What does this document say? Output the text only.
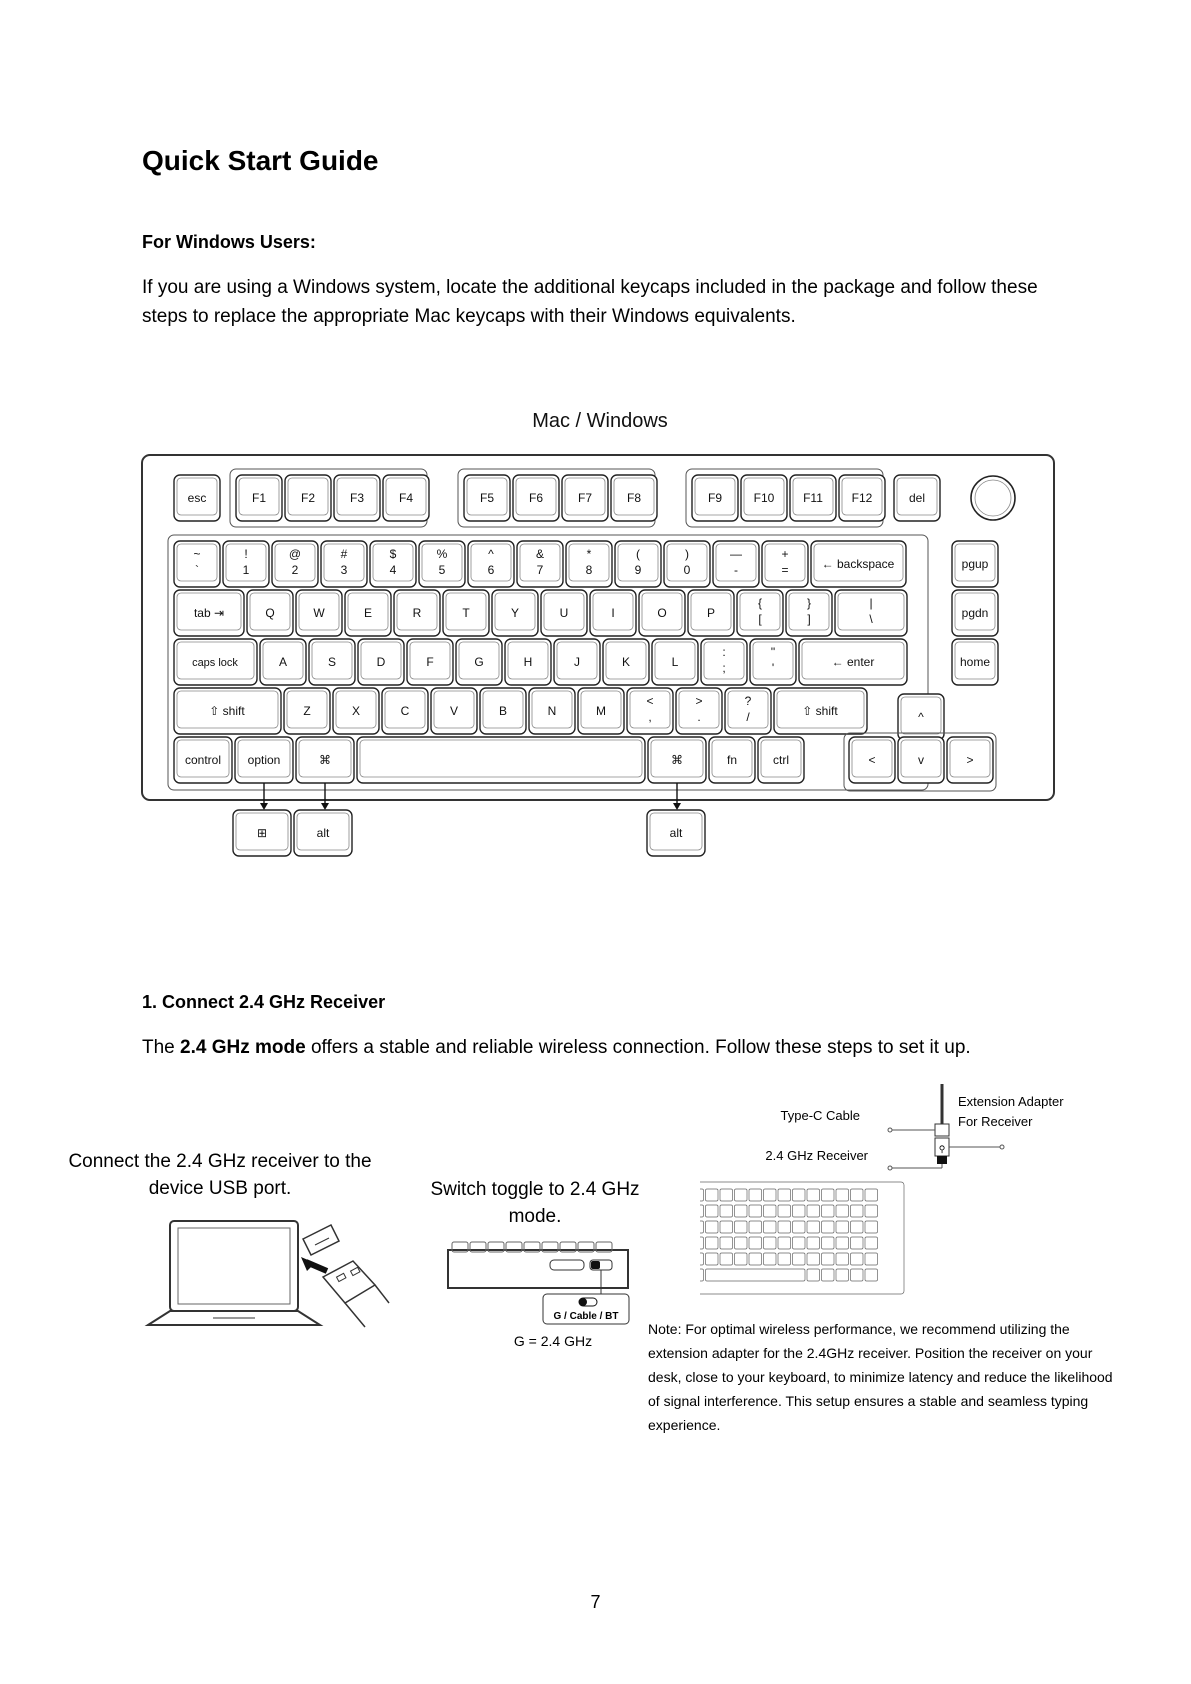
Quick Start Guide
For Windows Users:
If you are using a Windows system, locate the additional keycaps included in the package and follow these steps to replace the appropriate Mac keycaps with their Windows equivalents.
Mac / Windows
esc	F1	F2	F3	F4	F5	F6	F7	F8	F9	F10 F11 F12	del
~
`
!
1
@
2
#
3
$
4
%
5
^
6
&
7
*
8
(
9
)
0
—
-
+
=	← backspace	pgup
tab ⇥	Q	W	E	R	T	Y	U	I	O	P
{
[
}
]
|
\	pgdn
caps lock	A	S	D	F	G	H	J	K	L
:
;
"
'	← enter	home
⇧ shift	Z	X	C	V	B	N	M
<
,
>
.
?
/	⇧ shift	^
control option	⌘	⌘	fn	ctrl	<	v	>
⊞	alt	alt
1. Connect 2.4 GHz Receiver
The 2.4 GHz mode offers a stable and reliable wireless connection. Follow these steps to set it up.
Connect the 2.4 GHz receiver to the device USB port.	Switch toggle to 2.4 GHz mode.
G / Cable / BT
G = 2.4 GHz
Type-C Cable
2.4 GHz Receiver
Extension Adapter
For Receiver
⚲
Note: For optimal wireless performance, we recommend utilizing the extension adapter for the 2.4GHz receiver. Position the receiver on your desk, close to your keyboard, to minimize latency and reduce the likelihood of signal interference. This setup ensures a stable and seamless typing experience.
7
